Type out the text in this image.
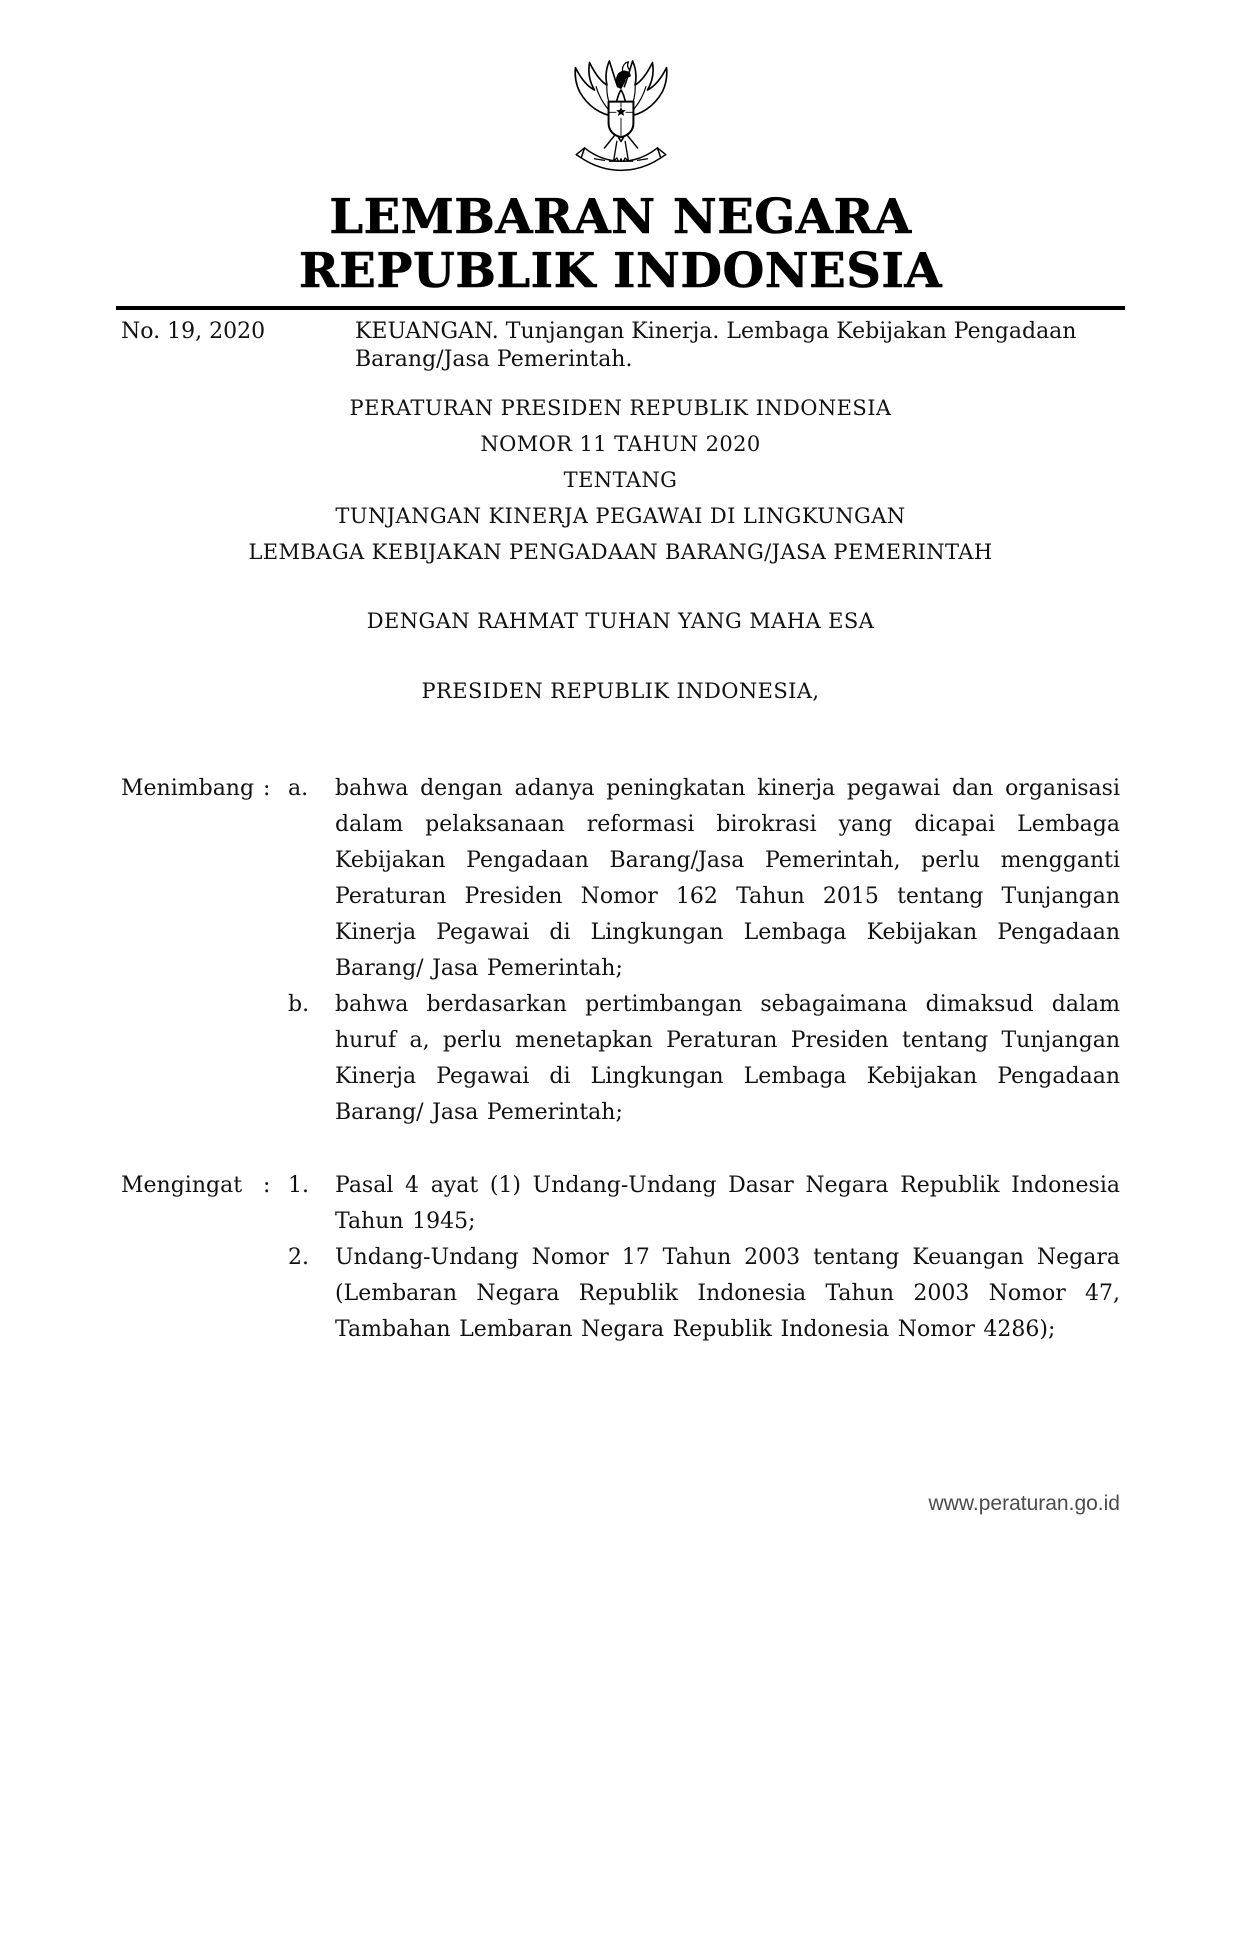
LEMBARAN NEGARA
REPUBLIK INDONESIA
No. 19, 2020	KEUANGAN. Tunjangan Kinerja. Lembaga Kebijakan Pengadaan Barang/Jasa Pemerintah.
PERATURAN PRESIDEN REPUBLIK INDONESIA
NOMOR 11 TAHUN 2020
TENTANG
TUNJANGAN KINERJA PEGAWAI DI LINGKUNGAN
LEMBAGA KEBIJAKAN PENGADAAN BARANG/JASA PEMERINTAH
DENGAN RAHMAT TUHAN YANG MAHA ESA
PRESIDEN REPUBLIK INDONESIA,
Menimbang : a.	bahwa dengan adanya peningkatan kinerja pegawai dan organisasi dalam pelaksanaan reformasi birokrasi yang dicapai Lembaga Kebijakan Pengadaan Barang/Jasa Pemerintah, perlu mengganti Peraturan Presiden Nomor 162 Tahun 2015 tentang Tunjangan Kinerja Pegawai di Lingkungan Lembaga Kebijakan Pengadaan Barang/ Jasa Pemerintah;
b.	bahwa berdasarkan pertimbangan sebagaimana dimaksud dalam huruf a, perlu menetapkan Peraturan Presiden tentang Tunjangan Kinerja Pegawai di Lingkungan Lembaga Kebijakan Pengadaan Barang/ Jasa Pemerintah;
Mengingat : 1.	Pasal 4 ayat (1) Undang-Undang Dasar Negara Republik Indonesia Tahun 1945;
2.	Undang-Undang Nomor 17 Tahun 2003 tentang Keuangan Negara (Lembaran Negara Republik Indonesia Tahun 2003 Nomor 47, Tambahan Lembaran Negara Republik Indonesia Nomor 4286);
www.peraturan.go.id
